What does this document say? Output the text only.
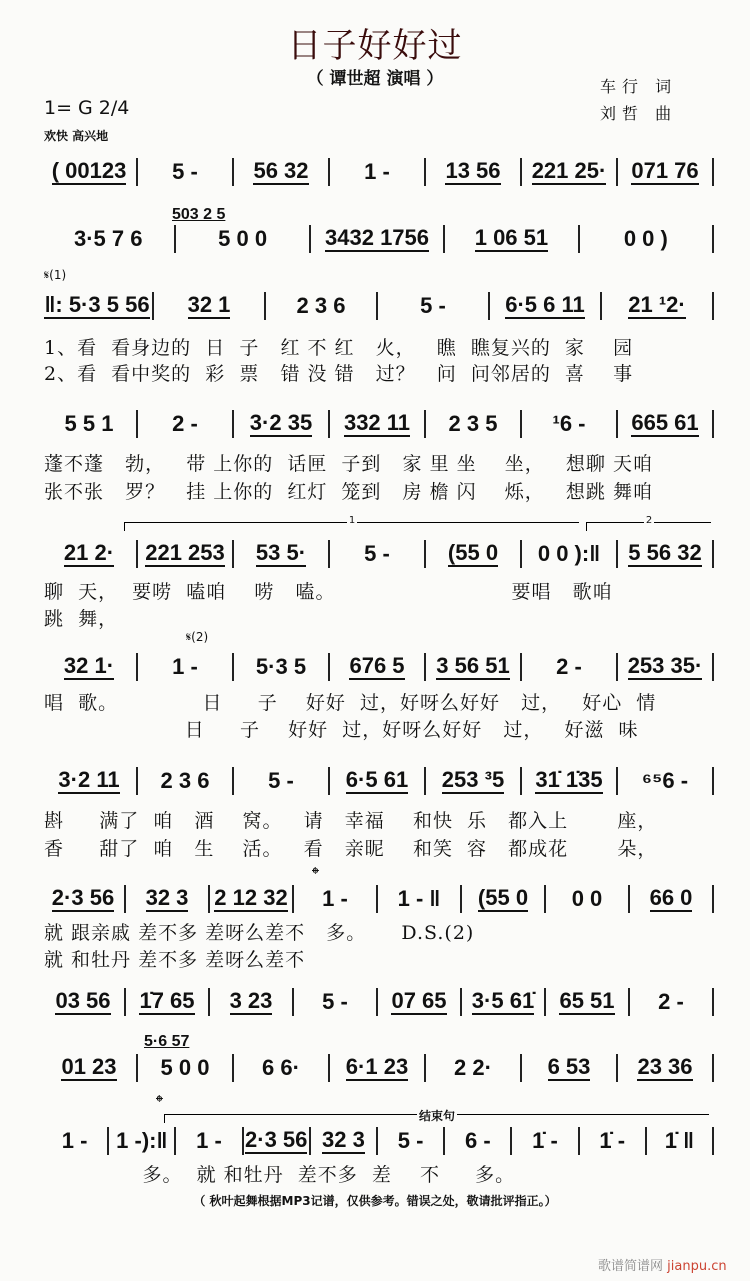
日子好好过
（ 谭世超 演唱 ）	车行 词
刘哲 曲
1= G 2/4
欢快 高兴地
503 2 5
5·6 57
𝄋(1)
𝄋(2)
𝄌
𝄌
1	2
结束句
( 00123 5 -	56 32	1 -	13 56 221 25· 071 76
3·5 7 6	5 0 0	3432 1756 1 06 51	0 0 )
‖: 5·3 5 56 32 1	2 3 6	5 -	6·5 6 11 21 ¹2·
5 5 1	2 - 3·2 35 332 11 2 3 5	¹6 - 665 61
21 2· 221 253 53 5·	5 -	(55 0 0 0 ):‖ 5 56 32
32 1·	1 -	5·3 5 676 5 3 56 51 2 - 253 35·
3·2 11 2 3 6	5 - 6·5 61 253 ³5 31̇ 1̇35 ⁶⁵6 -
2·3 56 32 3 2 12 32 1 - 1 - ‖ (55 0 0 0 66 0
03 56 1̇7 65 3 23 5 - 07 65 3·5 61̇ 65 51 2 -
01 23 5 0 0 6 6· 6·1 23 2 2·	6 53 23 36
1 - 1 -):‖ 1 - 2·3 56 32 3 5 - 6 - 1̇ - 1̇ - 1̇ ‖
1、看  看身边的  日  子   红 不 红   火，   瞧  瞧复兴的  家    园
2、看  看中奖的  彩  票   错 没 错   过？   问  问邻居的  喜    事
蓬不蓬   勃，   带 上你的  话匣  子到   家 里 坐    坐，   想聊 天咱
张不张   罗？   挂 上你的  红灯  笼到   房 檐 闪    烁，   想跳 舞咱
聊  天，  要唠  嗑咱    唠   嗑。                         要唱   歌咱
跳  舞，
唱  歌。            日     子    好好  过，好呀么好好   过，   好心  情
日     子    好好  过，好呀么好好   过，   好滋  味
斟     满了  咱   酒    窝。   请   幸福    和快  乐   都入上       座，
香     甜了  咱   生    活。   看   亲昵    和笑  容   都成花       朵，
就 跟亲戚 差不多 差呀么差不   多。     D.S.(2)
就 和牡丹 差不多 差呀么差不
多。  就 和牡丹  差不多  差    不     多。
（ 秋叶起舞根据MP3记谱，仅供参考。错误之处，敬请批评指正。）
歌谱简谱网 jianpu.cn
